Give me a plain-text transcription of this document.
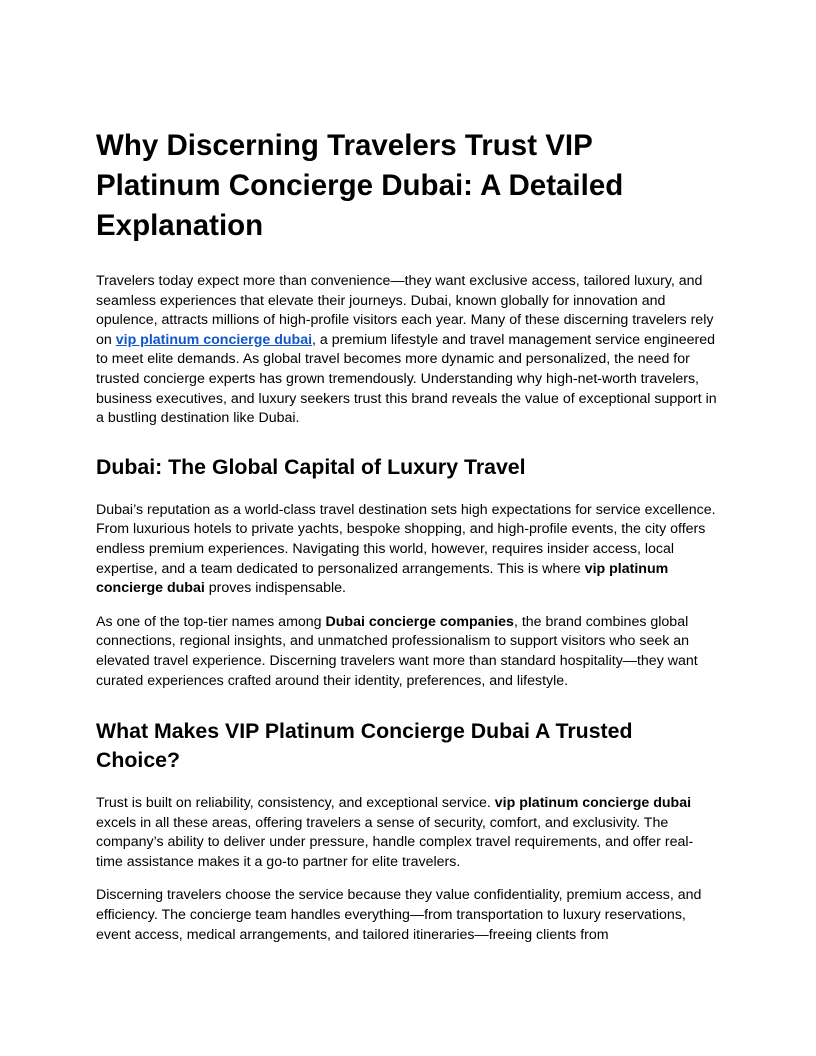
Why Discerning Travelers Trust VIP Platinum Concierge Dubai: A Detailed Explanation

Travelers today expect more than convenience—they want exclusive access, tailored luxury, and seamless experiences that elevate their journeys. Dubai, known globally for innovation and opulence, attracts millions of high-profile visitors each year. Many of these discerning travelers rely on vip platinum concierge dubai, a premium lifestyle and travel management service engineered to meet elite demands. As global travel becomes more dynamic and personalized, the need for trusted concierge experts has grown tremendously. Understanding why high-net-worth travelers, business executives, and luxury seekers trust this brand reveals the value of exceptional support in a bustling destination like Dubai.

Dubai: The Global Capital of Luxury Travel

Dubai’s reputation as a world-class travel destination sets high expectations for service excellence. From luxurious hotels to private yachts, bespoke shopping, and high-profile events, the city offers endless premium experiences. Navigating this world, however, requires insider access, local expertise, and a team dedicated to personalized arrangements. This is where vip platinum concierge dubai proves indispensable.

As one of the top-tier names among Dubai concierge companies, the brand combines global connections, regional insights, and unmatched professionalism to support visitors who seek an elevated travel experience. Discerning travelers want more than standard hospitality—they want curated experiences crafted around their identity, preferences, and lifestyle.

What Makes VIP Platinum Concierge Dubai A Trusted Choice?

Trust is built on reliability, consistency, and exceptional service. vip platinum concierge dubai excels in all these areas, offering travelers a sense of security, comfort, and exclusivity. The company’s ability to deliver under pressure, handle complex travel requirements, and offer real-time assistance makes it a go-to partner for elite travelers.

Discerning travelers choose the service because they value confidentiality, premium access, and efficiency. The concierge team handles everything—from transportation to luxury reservations, event access, medical arrangements, and tailored itineraries—freeing clients from
